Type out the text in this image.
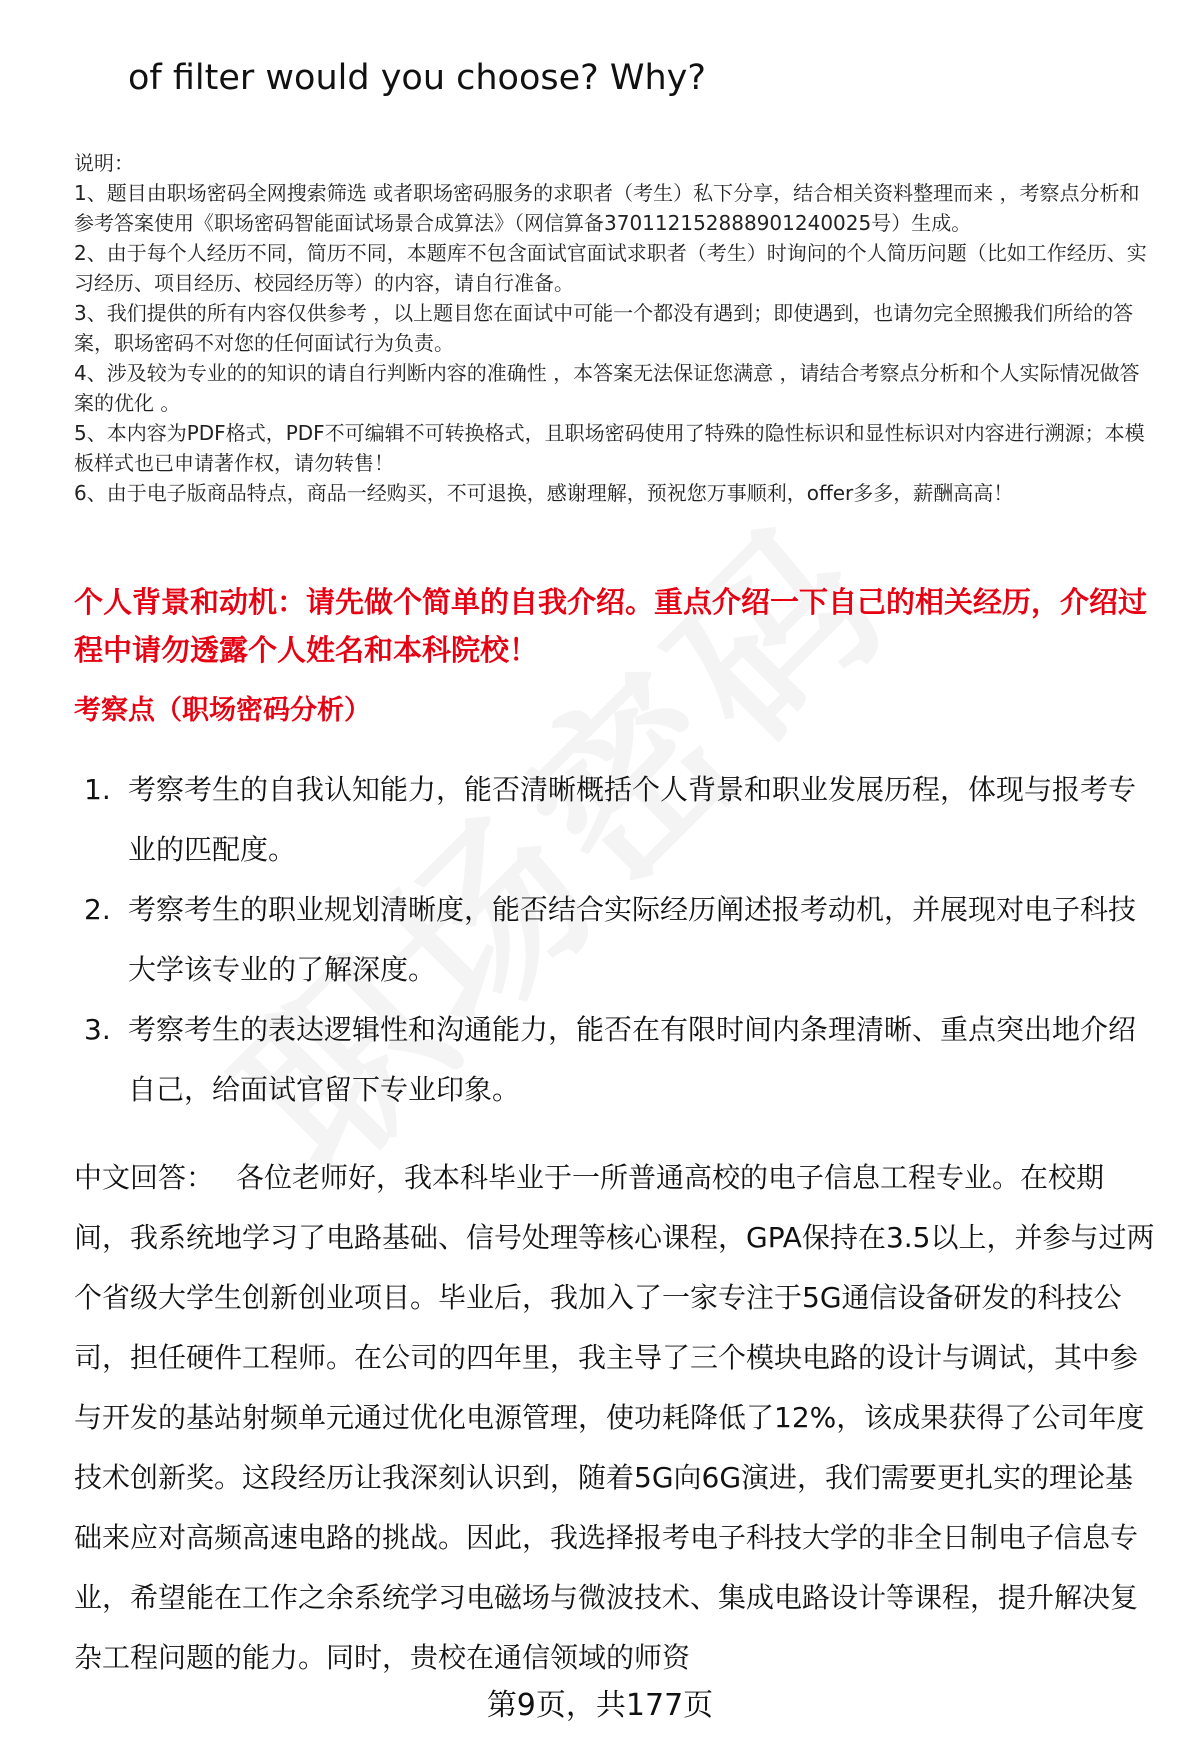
of filter would you choose? Why?
说明：
1、题目由职场密码全网搜索筛选 或者职场密码服务的求职者（考生）私下分享，结合相关资料整理而来 ，考察点分析和参考答案使用《职场密码智能面试场景合成算法》（网信算备370112152888901240025号）生成。
2、由于每个人经历不同，简历不同，本题库不包含面试官面试求职者（考生）时询问的个人简历问题（比如工作经历、实习经历、项目经历、校园经历等）的内容，请自行准备。
3、我们提供的所有内容仅供参考 ，以上题目您在面试中可能一个都没有遇到；即使遇到，也请勿完全照搬我们所给的答案，职场密码不对您的任何面试行为负责。
4、涉及较为专业的的知识的请自行判断内容的准确性 ，本答案无法保证您满意 ，请结合考察点分析和个人实际情况做答案的优化 。
5、本内容为PDF格式，PDF不可编辑不可转换格式，且职场密码使用了特殊的隐性标识和显性标识对内容进行溯源；本模板样式也已申请著作权，请勿转售！
6、由于电子版商品特点，商品一经购买，不可退换，感谢理解，预祝您万事顺利，offer多多，薪酬高高！
个人背景和动机：请先做个简单的自我介绍。重点介绍一下自己的相关经历，介绍过程中请勿透露个人姓名和本科院校！
考察点（职场密码分析）
1. 考察考生的自我认知能力，能否清晰概括个人背景和职业发展历程，体现与报考专业的匹配度。
2. 考察考生的职业规划清晰度，能否结合实际经历阐述报考动机，并展现对电子科技大学该专业的了解深度。
3. 考察考生的表达逻辑性和沟通能力，能否在有限时间内条理清晰、重点突出地介绍自己，给面试官留下专业印象。
中文回答： 各位老师好，我本科毕业于一所普通高校的电子信息工程专业。在校期间，我系统地学习了电路基础、信号处理等核心课程，GPA保持在3.5以上，并参与过两个省级大学生创新创业项目。毕业后，我加入了一家专注于5G通信设备研发的科技公司，担任硬件工程师。在公司的四年里，我主导了三个模块电路的设计与调试，其中参与开发的基站射频单元通过优化电源管理，使功耗降低了12%，该成果获得了公司年度技术创新奖。这段经历让我深刻认识到，随着5G向6G演进，我们需要更扎实的理论基础来应对高频高速电路的挑战。因此，我选择报考电子科技大学的非全日制电子信息专业，希望能在工作之余系统学习电磁场与微波技术、集成电路设计等课程，提升解决复杂工程问题的能力。同时，贵校在通信领域的师资
第9页，共177页
